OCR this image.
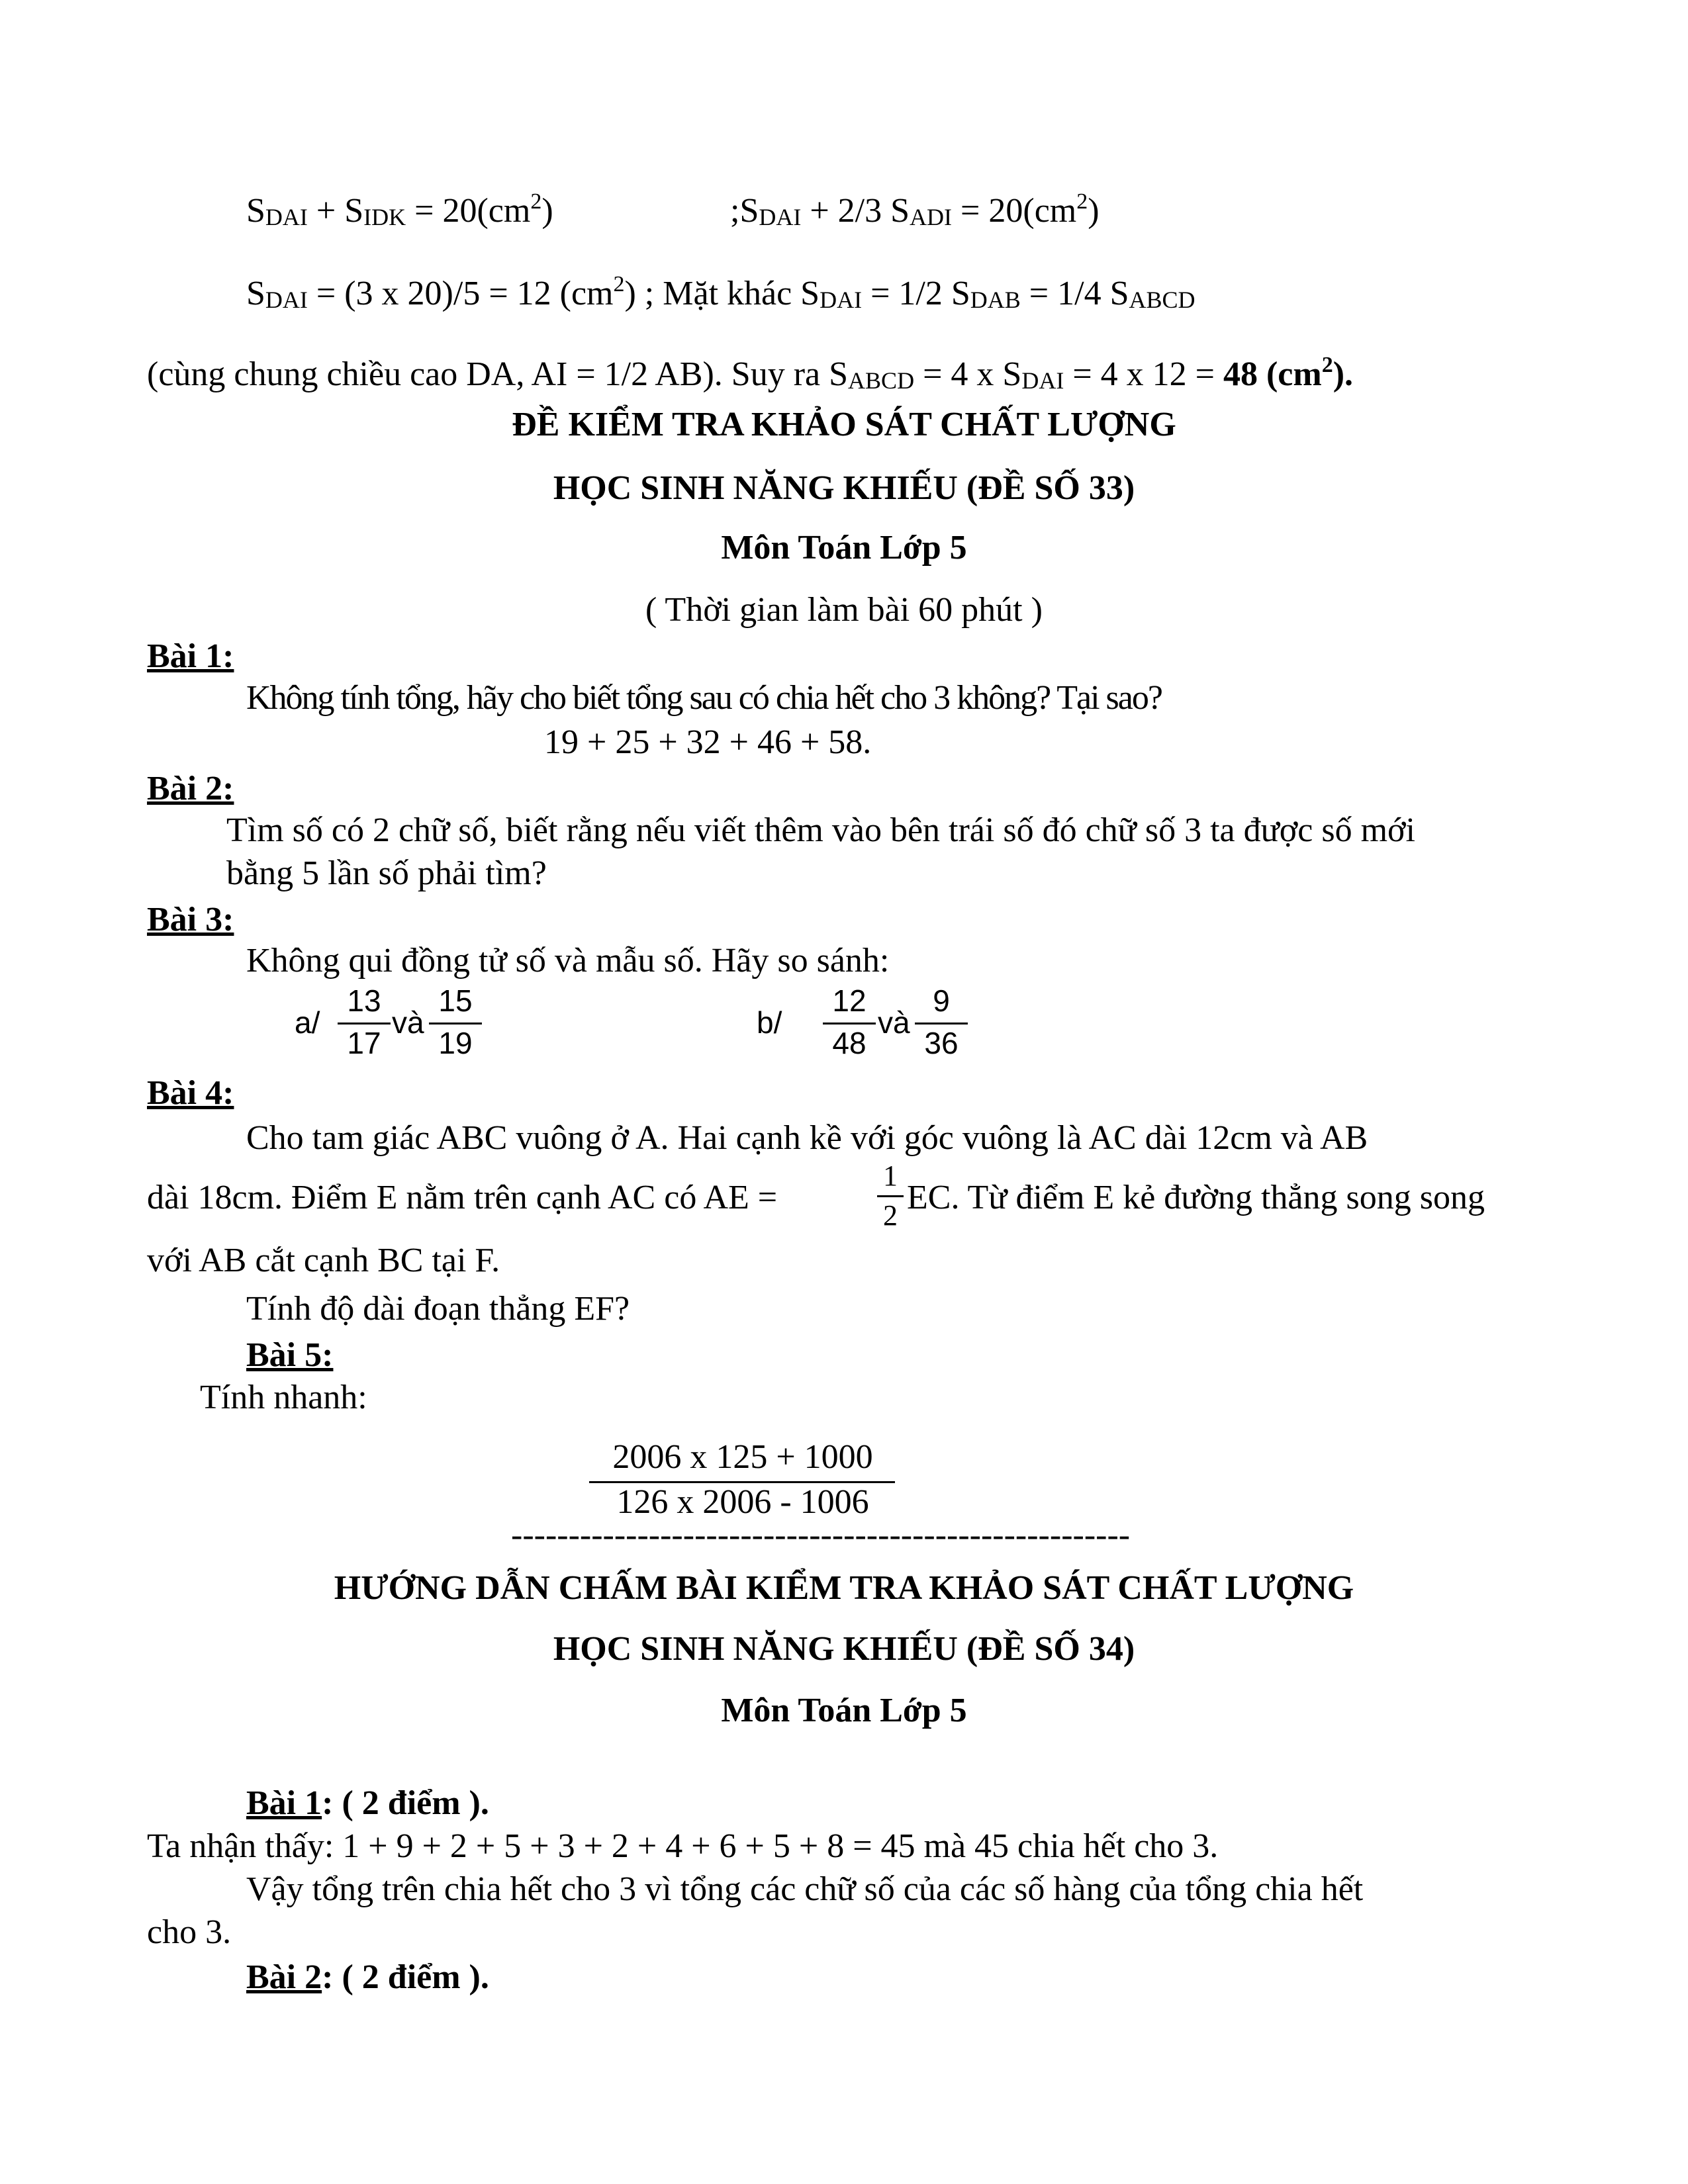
SDAI + SIDK = $20(cm^2)$	;SDAI + 2/3 SADI = $20(cm^2)$
SDAI = (3 x 20)/5 = 12 $(cm^2)$ ; Mặt khác SDAI = 1/2 SDAB = 1/4 SABCD
(cùng chung chiều cao DA, AI = 1/2 AB). Suy ra SABCD = 4 x SDAI = 4 x 12 = 48 $(cm^2)$.
ĐỀ KIỂM TRA KHẢO SÁT CHẤT LƯỢNG
HỌC SINH NĂNG KHIẾU (ĐỀ SỐ 33)
Môn Toán Lớp 5
( Thời gian làm bài 60 phút )
Bài 1:
Không tính tổng, hãy cho biết tổng sau có chia hết cho 3 không? Tại sao?
19 + 25 + 32 + 46 + 58.
Bài 2:
Tìm số có 2 chữ số, biết rằng nếu viết thêm vào bên trái số đó chữ số 3 ta được số mới
bằng 5 lần số phải tìm?
Bài 3:
Không qui đồng tử số và mẫu số. Hãy so sánh:
a/
13
17
và
15
19
b/
12
48
và
9
36
Bài 4:
Cho tam giác ABC vuông ở A. Hai cạnh kề với góc vuông là AC dài 12cm và AB
dài 18cm. Điểm E nằm trên cạnh AC có AE =
1
2 EC. Từ điểm E kẻ đường thẳng song song
với AB cắt cạnh BC tại F.
Tính độ dài đoạn thẳng EF?
Bài 5:
Tính nhanh:
2006 x 125 + 1000
126 x 2006 - 1006
------------------------------------------------------
HƯỚNG DẪN CHẤM BÀI KIỂM TRA KHẢO SÁT CHẤT LƯỢNG
HỌC SINH NĂNG KHIẾU (ĐỀ SỐ 34)
Môn Toán Lớp 5
Bài 1: ( 2 điểm ).
Ta nhận thấy: 1 + 9 + 2 + 5 + 3 + 2 + 4 + 6 + 5 + 8 = 45 mà 45 chia hết cho 3.
Vậy tổng trên chia hết cho 3 vì tổng các chữ số của các số hàng của tổng chia hết
cho 3.
Bài 2: ( 2 điểm ).
